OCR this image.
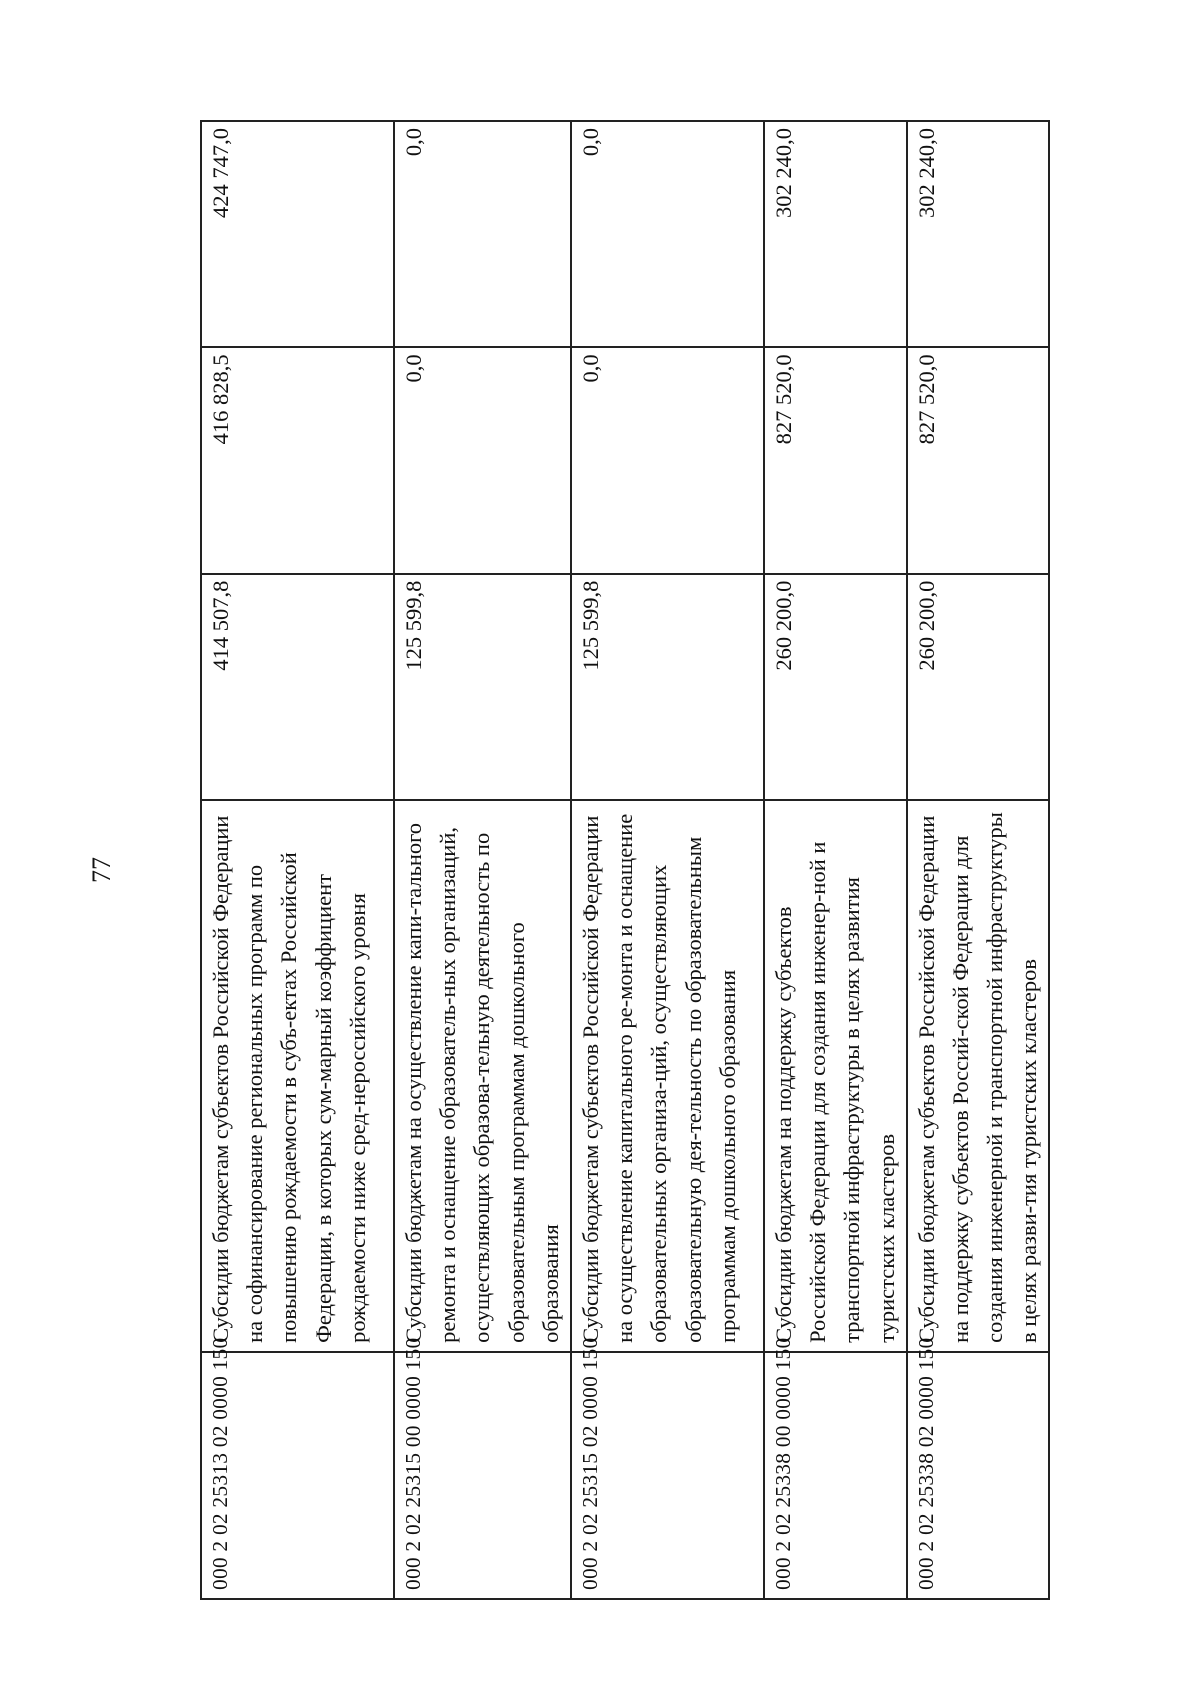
77
000 2 02 25313 02 0000 150	Субсидии бюджетам субъектов Российской Федерации на софинансирование региональных программ по повышению рождаемости в субъ-ектах Российской Федерации, в которых сум-марный коэффициент рождаемости ниже сред-нероссийского уровня	414 507,8	416 828,5	424 747,0
000 2 02 25315 00 0000 150	Субсидии бюджетам на осуществление капи-тального ремонта и оснащение образователь-ных организаций, осуществляющих образова-тельную деятельность по образовательным программам дошкольного образования	125 599,8	0,0	0,0
000 2 02 25315 02 0000 150	Субсидии бюджетам субъектов Российской Федерации на осуществление капитального ре-монта и оснащение образовательных организа-ций, осуществляющих образовательную дея-тельность по образовательным программам дошкольного образования	125 599,8	0,0	0,0
000 2 02 25338 00 0000 150	Субсидии бюджетам на поддержку субъектов Российской Федерации для создания инженер-ной и транспортной инфраструктуры в целях развития туристских кластеров	260 200,0	827 520,0	302 240,0
000 2 02 25338 02 0000 150	Субсидии бюджетам субъектов Российской Федерации на поддержку субъектов Россий-ской Федерации для создания инженерной и транспортной инфраструктуры в целях разви-тия туристских кластеров	260 200,0	827 520,0	302 240,0
